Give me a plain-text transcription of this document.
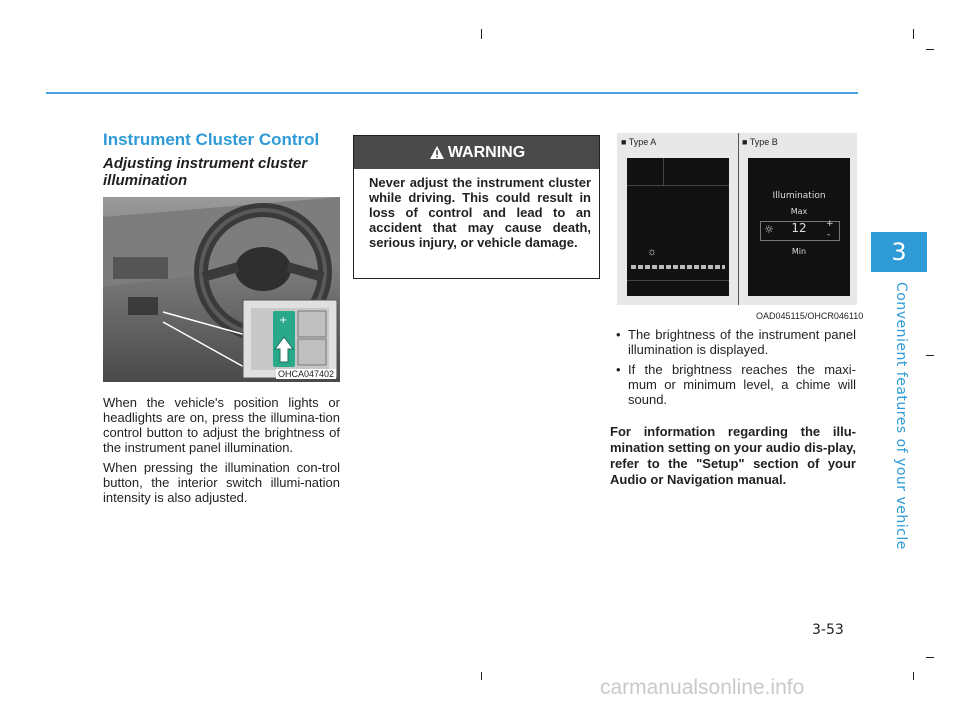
3
Convenient features of your vehicle
Instrument Cluster Control
Adjusting instrument cluster illumination
+
OHCA047402

When the vehicle's position lights or headlights are on, press the illumina-tion control button to adjust the brightness of the instrument panel illumination.

When pressing the illumination con-trol button, the interior switch illumi-nation intensity is also adjusted.

WARNING
Never adjust the instrument cluster while driving. This could result in loss of control and lead to an accident that may cause death, serious injury, or vehicle damage.
■ Type A	■ Type B
☼
Illumination
Max
☼	12	+
-
Min
OAD045115/OHCR046110
• The brightness of the instrument panel illumination is displayed.
• If the brightness reaches the maxi-mum or minimum level, a chime will sound.
For information regarding the illu-mination setting on your audio dis-play, refer to the "Setup" section of your Audio or Navigation manual.
3-53
carmanualsonline.info
